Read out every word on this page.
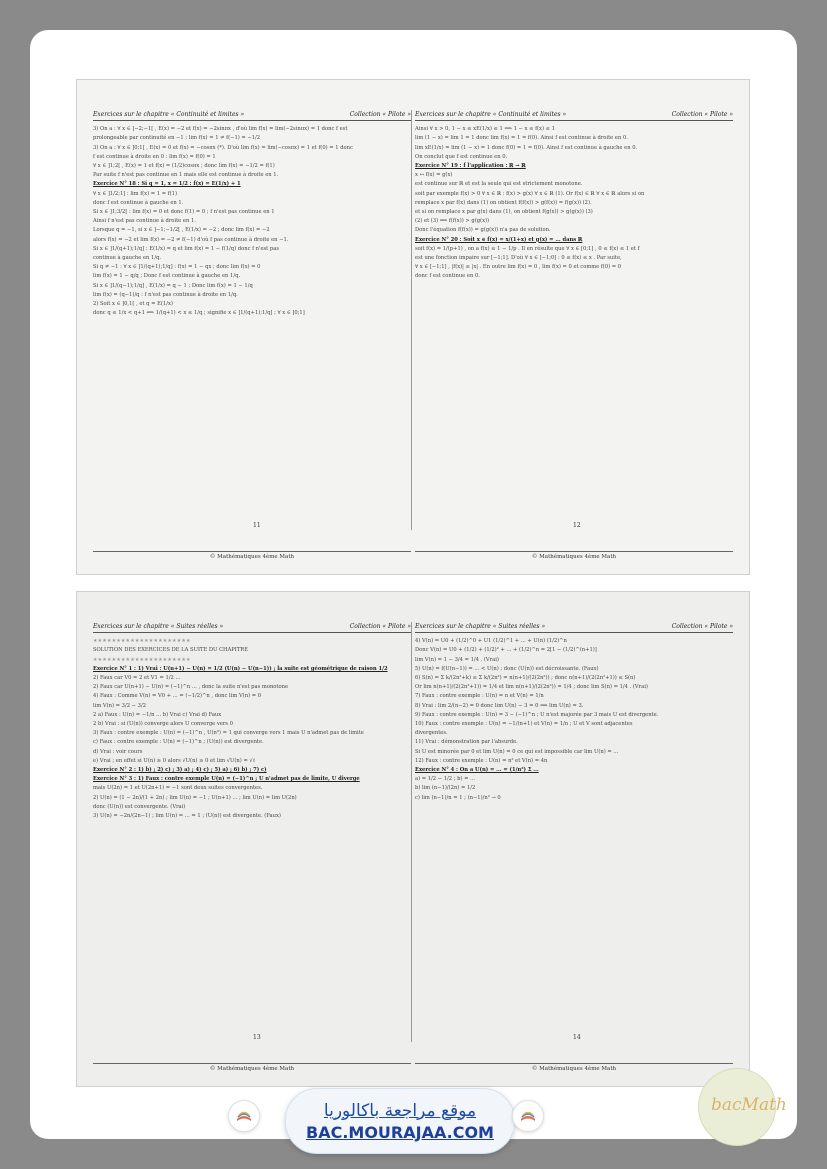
Exercices sur le chapitre « Continuité et limites »	Collection « Pilote »
3) On a : ∀ x ∈ ]−2;−1[ , E(x) = −2 et f(x) = −2sinπx , d'où lim f(x) = lim(−2sinπx) = 1 donc f est
prolongeable par continuité en −1 : lim f(x) = 1 ≠ f(−1) = −1/2
3) On a : ∀ x ∈ ]0;1[ , E(x) = 0 et f(x) = −cosπx (*). D'où lim f(x) = lim(−cosπx) = 1 et f(0) = 1 donc
f est continue à droite en 0 : lim f(x) = f(0) = 1
∀ x ∈ ]1;2[ , E(x) = 1 et f(x) = (1/2)cosπx ; donc lim f(x) = −1/2 = f(1)
Par suite f n'est pas continue en 1 mais elle est continue à droite en 1.
Exercice N° 18 : Si q = 1, x = 1/2 : f(x) = E(1/x) + 1
∀ x ∈ ]1/2;1] : lim f(x) = 1 = f(1)
donc f est continue à gauche en 1.
Si x ∈ ]1;3/2[ : lim f(x) = 0 et donc f(1) = 0 ; f n'est pas continue en 1
Ainsi f n'est pas continue à droite en 1.
Lorsque q = −1, si x ∈ ]−1;−1/2[ , E(1/x) = −2 ; donc lim f(x) = −2
alors f(x) = −2 et lim f(x) = −2 ≠ f(−1) d'où f pas continue à droite en −1.
Si x ∈ ]1/(q+1);1/q] : E(1/x) = q et lim f(x) = 1 − f(1/q) donc f n'est pas
continue à gauche en 1/q.
Si q ≠ −1 : ∀ x ∈ ]1/(q+1);1/q] : f(x) = 1 − qx ; donc lim f(x) = 0
lim f(x) = 1 − q/q ; Donc f est continue à gauche en 1/q.
Si x ∈ ]1/(q−1);1/q] , E(1/x) = q − 1 ; Donc lim f(x) = 1 − 1/q
lim f(x) = (q−1)/q : f n'est pas continue à droite en 1/q.
2) Soit x ∈ ]0,1[ , et q = E(1/x)
donc q ≤ 1/x < q+1 ⟺ 1/(q+1) < x ≤ 1/q ; signifie x ∈ ]1/(q+1);1/q] ; ∀ x ∈ ]0;1]
Exercices sur le chapitre « Continuité et limites »	Collection « Pilote »
Ainsi ∀ x > 0, 1 − x ≤ xE(1/x) ≤ 1 ⟹ 1 − x ≤ f(x) ≤ 1
lim (1 − x) = lim 1 = 1 donc lim f(x) = 1 = f(0). Ainsi f est continue à droite en 0.
lim xE(1/x) = lim (1 − x) = 1 donc f(0) = 1 = f(0). Ainsi f est continue à gauche en 0.
On conclut que f est continue en 0.
Exercice N° 19 : f l'application : ℝ → ℝ
x ↦ f(x) = g(x)
est continue sur ℝ et est la seule qui est strictement monotone.
soit par exemple f(x) > 0 ∀ x ∈ ℝ : f(x) > g(x) ∀ x ∈ ℝ (1). Or f(x) ∈ ℝ ∀ x ∈ ℝ alors si on
remplace x par f(x) dans (1) on obtient f(f(x)) > g(f(x)) = f(g(x)) (2).
et si on remplace x par g(x) dans (1), on obtient f(g(x)) > g(g(x)) (3)
(2) et (3) ⟹ f(f(x)) > g(g(x))
Donc l'équation f(f(x)) = g(g(x)) n'a pas de solution.
Exercice N° 20 : Soit x ∈ f(x) = x/(1+x) et g(x) = ... dans ℝ
soit f(x) = 1/(p+1) , on a f(x) ≤ 1 − 1/p . Il en résulte que ∀ x ∈ [0;1] , 0 ≤ f(x) ≤ 1 et f
est une fonction impaire sur [−1;1]. D'où ∀ x ∈ [−1;0] : 0 ≤ f(x) ≤ x . Par suite,
∀ x ∈ [−1;1] , |f(x)| ≤ |x| . En outre lim f(x) = 0 , lim f(x) = 0 et comme f(0) = 0
donc f est continue en 0.
11	12
© Mathématiques 4ème Math	© Mathématiques 4ème Math
Exercices sur le chapitre « Suites réelles »	Collection « Pilote »
★★★★★★★★★★★★★★★★★★★★★
SOLUTION DES EXERCICES DE LA SUITE DU CHAPITRE
★★★★★★★★★★★★★★★★★★★★★
Exercice N° 1 : 1) Vrai : U(n+1) − U(n) = 1/2 (U(n) − U(n−1)) ; la suite est géométrique de raison 1/2
2) Faux car V0 = 2 et V1 = 1/2 ...
2) Faux car U(n+1) − U(n) = (−1)^n ... , donc la suite n'est pas monotone
4) Faux : Comme V(n) = V0 + ... = (−1/2)^n , donc lim V(n) = 0
lim V(n) = 3/2 − 3/2
2 a) Faux : U(n) = −1/n ... b) Vrai c) Vrai d) Faux
2 b) Vrai : si (U(n)) converge alors U converge vers 0
3) Faux : contre exemple : U(n) = (−1)^n , U(n²) = 1 qui converge vers 1 mais U n'admet pas de limite
c) Faux : contre exemple : U(n) = (−1)^n ; (U(n)) est divergente.
d) Vrai : voir cours
e) Vrai ; en effet si U(n) ≥ 0 alors √U(n) ≥ 0 et lim √U(n) = √ℓ
Exercice N° 2 : 1) b) ; 2) c) ; 3) a) ; 4) c) ; 5) a) ; 6) b) ; 7) c)
Exercice N° 3 : 1) Faux : contre exemple U(n) = (−1)^n ; U n'admet pas de limite, U diverge
mais U(2n) = 1 et U(2n+1) = −1 sont deux suites convergentes.
2) U(n) = (1 − 2n)/(1 + 2n) ; lim U(n) = −1 ; U(n+1) ... ; lim U(n) = lim U(2n)
donc (U(n)) est convergente. (Vrai)
3) U(n) = −2n/(2n−1) ; lim U(n) = ... = 1 ; (U(n)) est divergente. (Faux)
Exercices sur le chapitre « Suites réelles »	Collection « Pilote »
4) V(n) = U0 + (1/2)^0 + U1 (1/2)^1 + ... + U(n) (1/2)^n
Donc V(n) = U0 + (1/2) + (1/2)² + ... + (1/2)^n = 2[1 − (1/2)^(n+1)]
lim V(n) = 1 − 3/4 = 1/4 . (Vrai)
5) U(n) = f(U(n−1)) = ... < U(n) ; donc (U(n)) est décroissante. (Faux)
6) S(n) = Σ k/(2n²+k) ≤ Σ k/(2n²) = n(n+1)/(2(2n²)) ; donc n(n+1)/(2(2n²+1)) ≤ S(n)
Or lim n(n+1)/(2(2n²+1)) = 1/4 et lim n(n+1)/(2(2n²)) = 1/4 ; donc lim S(n) = 1/4 . (Vrai)
7) Faux : contre exemple : U(n) = n et V(n) = 1/n
8) Vrai : lim 2/(n−2) = 0 donc lim U(n) − 3 = 0 ⟹ lim U(n) = 3.
9) Faux : contre exemple : U(n) = 3 − (−1)^n ; U n'est majorée par 3 mais U est divergente.
10) Faux : contre exemple : U(n) = −1/(n+1) et V(n) = 1/n ; U et V sont adjacentes
divergentes.
11) Vrai : démonstration par l'absurde.
Si U est minorée par 0 et lim U(n) = 0 ce qui est impossible car lim U(n) = ...
12) Faux : contre exemple : U(n) = n² et V(n) = 4n
Exercice N° 4 : On a U(n) = ... = (1/n²) Σ ...
a) = 1/2 − 1/2 ; b) = ...
b) lim (n−1)/(2n) = 1/2
c) lim (n−1)/n = 1 ; (n−1)/n² → 0
13	14
© Mathématiques 4ème Math	© Mathématiques 4ème Math
موقع مراجعة باكالوريا
BAC.MOURAJAA.COM
bacMath
